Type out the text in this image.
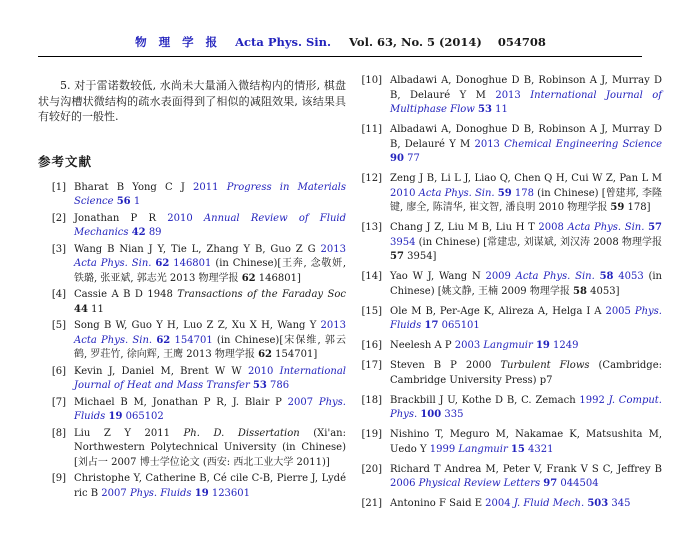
物 理 学 报 Acta Phys. Sin. Vol. 63, No. 5 (2014) 054708

5. 对于雷诺数较低, 水尚未大量涌入微结构内的情形, 棋盘状与沟槽状微结构的疏水表面得到了相似的减阻效果, 该结果具有较好的一般性.

参考文献
[1] Bharat B Yong C J 2011 Progress in Materials Science 56 1
[2] Jonathan P R 2010 Annual Review of Fluid Mechanics 42 89
[3] Wang B Nian J Y, Tie L, Zhang Y B, Guo Z G 2013 Acta Phys. Sin. 62 146801 (in Chinese)[王奔, 念敬妍, 铁璐, 张亚斌, 郭志光 2013 物理学报 62 146801]
[4] Cassie A B D 1948 Transactions of the Faraday Soc 44 11
[5] Song B W, Guo Y H, Luo Z Z, Xu X H, Wang Y 2013 Acta Phys. Sin. 62 154701 (in Chinese)[宋保维, 郭云鹤, 罗荘竹, 徐向辉, 王鹰 2013 物理学报 62 154701]
[6] Kevin J, Daniel M, Brent W W 2010 International Journal of Heat and Mass Transfer 53 786
[7] Michael B M, Jonathan P R, J. Blair P 2007 Phys. Fluids 19 065102
[8] Liu Z Y 2011 Ph. D. Dissertation (Xi'an: Northwestern Polytechnical University (in Chinese) [刘占一 2007 博士学位论文 (西安: 西北工业大学 2011)]
[9] Christophe Y, Catherine B, Cé cile C-B, Pierre J, Lydé ric B 2007 Phys. Fluids 19 123601
[10] Albadawi A, Donoghue D B, Robinson A J, Murray D B, Delauré Y M 2013 International Journal of Multiphase Flow 53 11
[11] Albadawi A, Donoghue D B, Robinson A J, Murray D B, Delauré Y M 2013 Chemical Engineering Science 90 77
[12] Zeng J B, Li L J, Liao Q, Chen Q H, Cui W Z, Pan L M 2010 Acta Phys. Sin. 59 178 (in Chinese) [曾建邦, 李隆键, 廖全, 陈清华, 崔文智, 潘良明 2010 物理学报 59 178]
[13] Chang J Z, Liu M B, Liu H T 2008 Acta Phys. Sin. 57 3954 (in Chinese) [常建忠, 刘谋斌, 刘汉涛 2008 物理学报 57 3954]
[14] Yao W J, Wang N 2009 Acta Phys. Sin. 58 4053 (in Chinese) [姚文静, 王楠 2009 物理学报 58 4053]
[15] Ole M B, Per-Age K, Alireza A, Helga I A 2005 Phys. Fluids 17 065101
[16] Neelesh A P 2003 Langmuir 19 1249
[17] Steven B P 2000 Turbulent Flows (Cambridge: Cambridge University Press) p7
[18] Brackbill J U, Kothe D B, C. Zemach 1992 J. Comput. Phys. 100 335
[19] Nishino T, Meguro M, Nakamae K, Matsushita M, Uedo Y 1999 Langmuir 15 4321
[20] Richard T Andrea M, Peter V, Frank V S C, Jeffrey B 2006 Physical Review Letters 97 044504
[21] Antonino F Said E 2004 J. Fluid Mech. 503 345
